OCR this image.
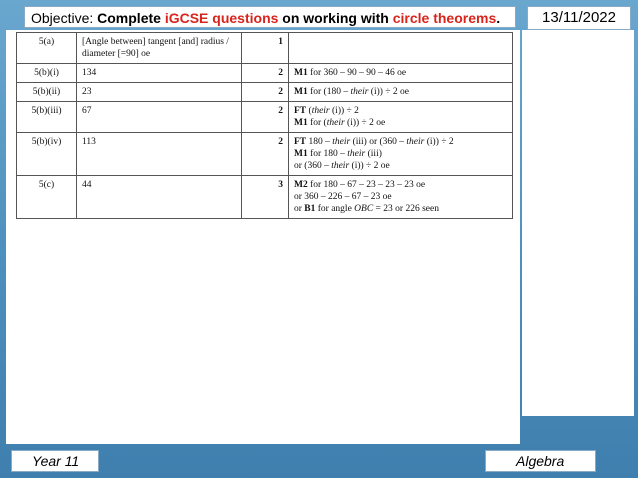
Objective: Complete iGCSE questions on working with circle theorems.	13/11/2022
5(a)	[Angle between] tangent [and] radius / diameter [=90] oe	1	
5(b)(i)	134	2	M1 for 360 – 90 – 90 – 46 oe

5(b)(ii)	23	2	M1 for (180 – their (i)) ÷ 2 oe

5(b)(iii)	67	2	FT (their (i)) ÷ 2
M1 for (their (i)) ÷ 2 oe

5(b)(iv)	113	2	FT 180 – their (iii) or (360 – their (i)) ÷ 2
M1 for 180 – their (iii)
or (360 – their (i)) ÷ 2 oe

5(c)	44	3	M2 for 180 – 67 – 23 – 23 – 23 oe
or 360 – 226 – 67 – 23 oe
or B1 for angle OBC = 23 or 226 seen
Year 11	Algebra
